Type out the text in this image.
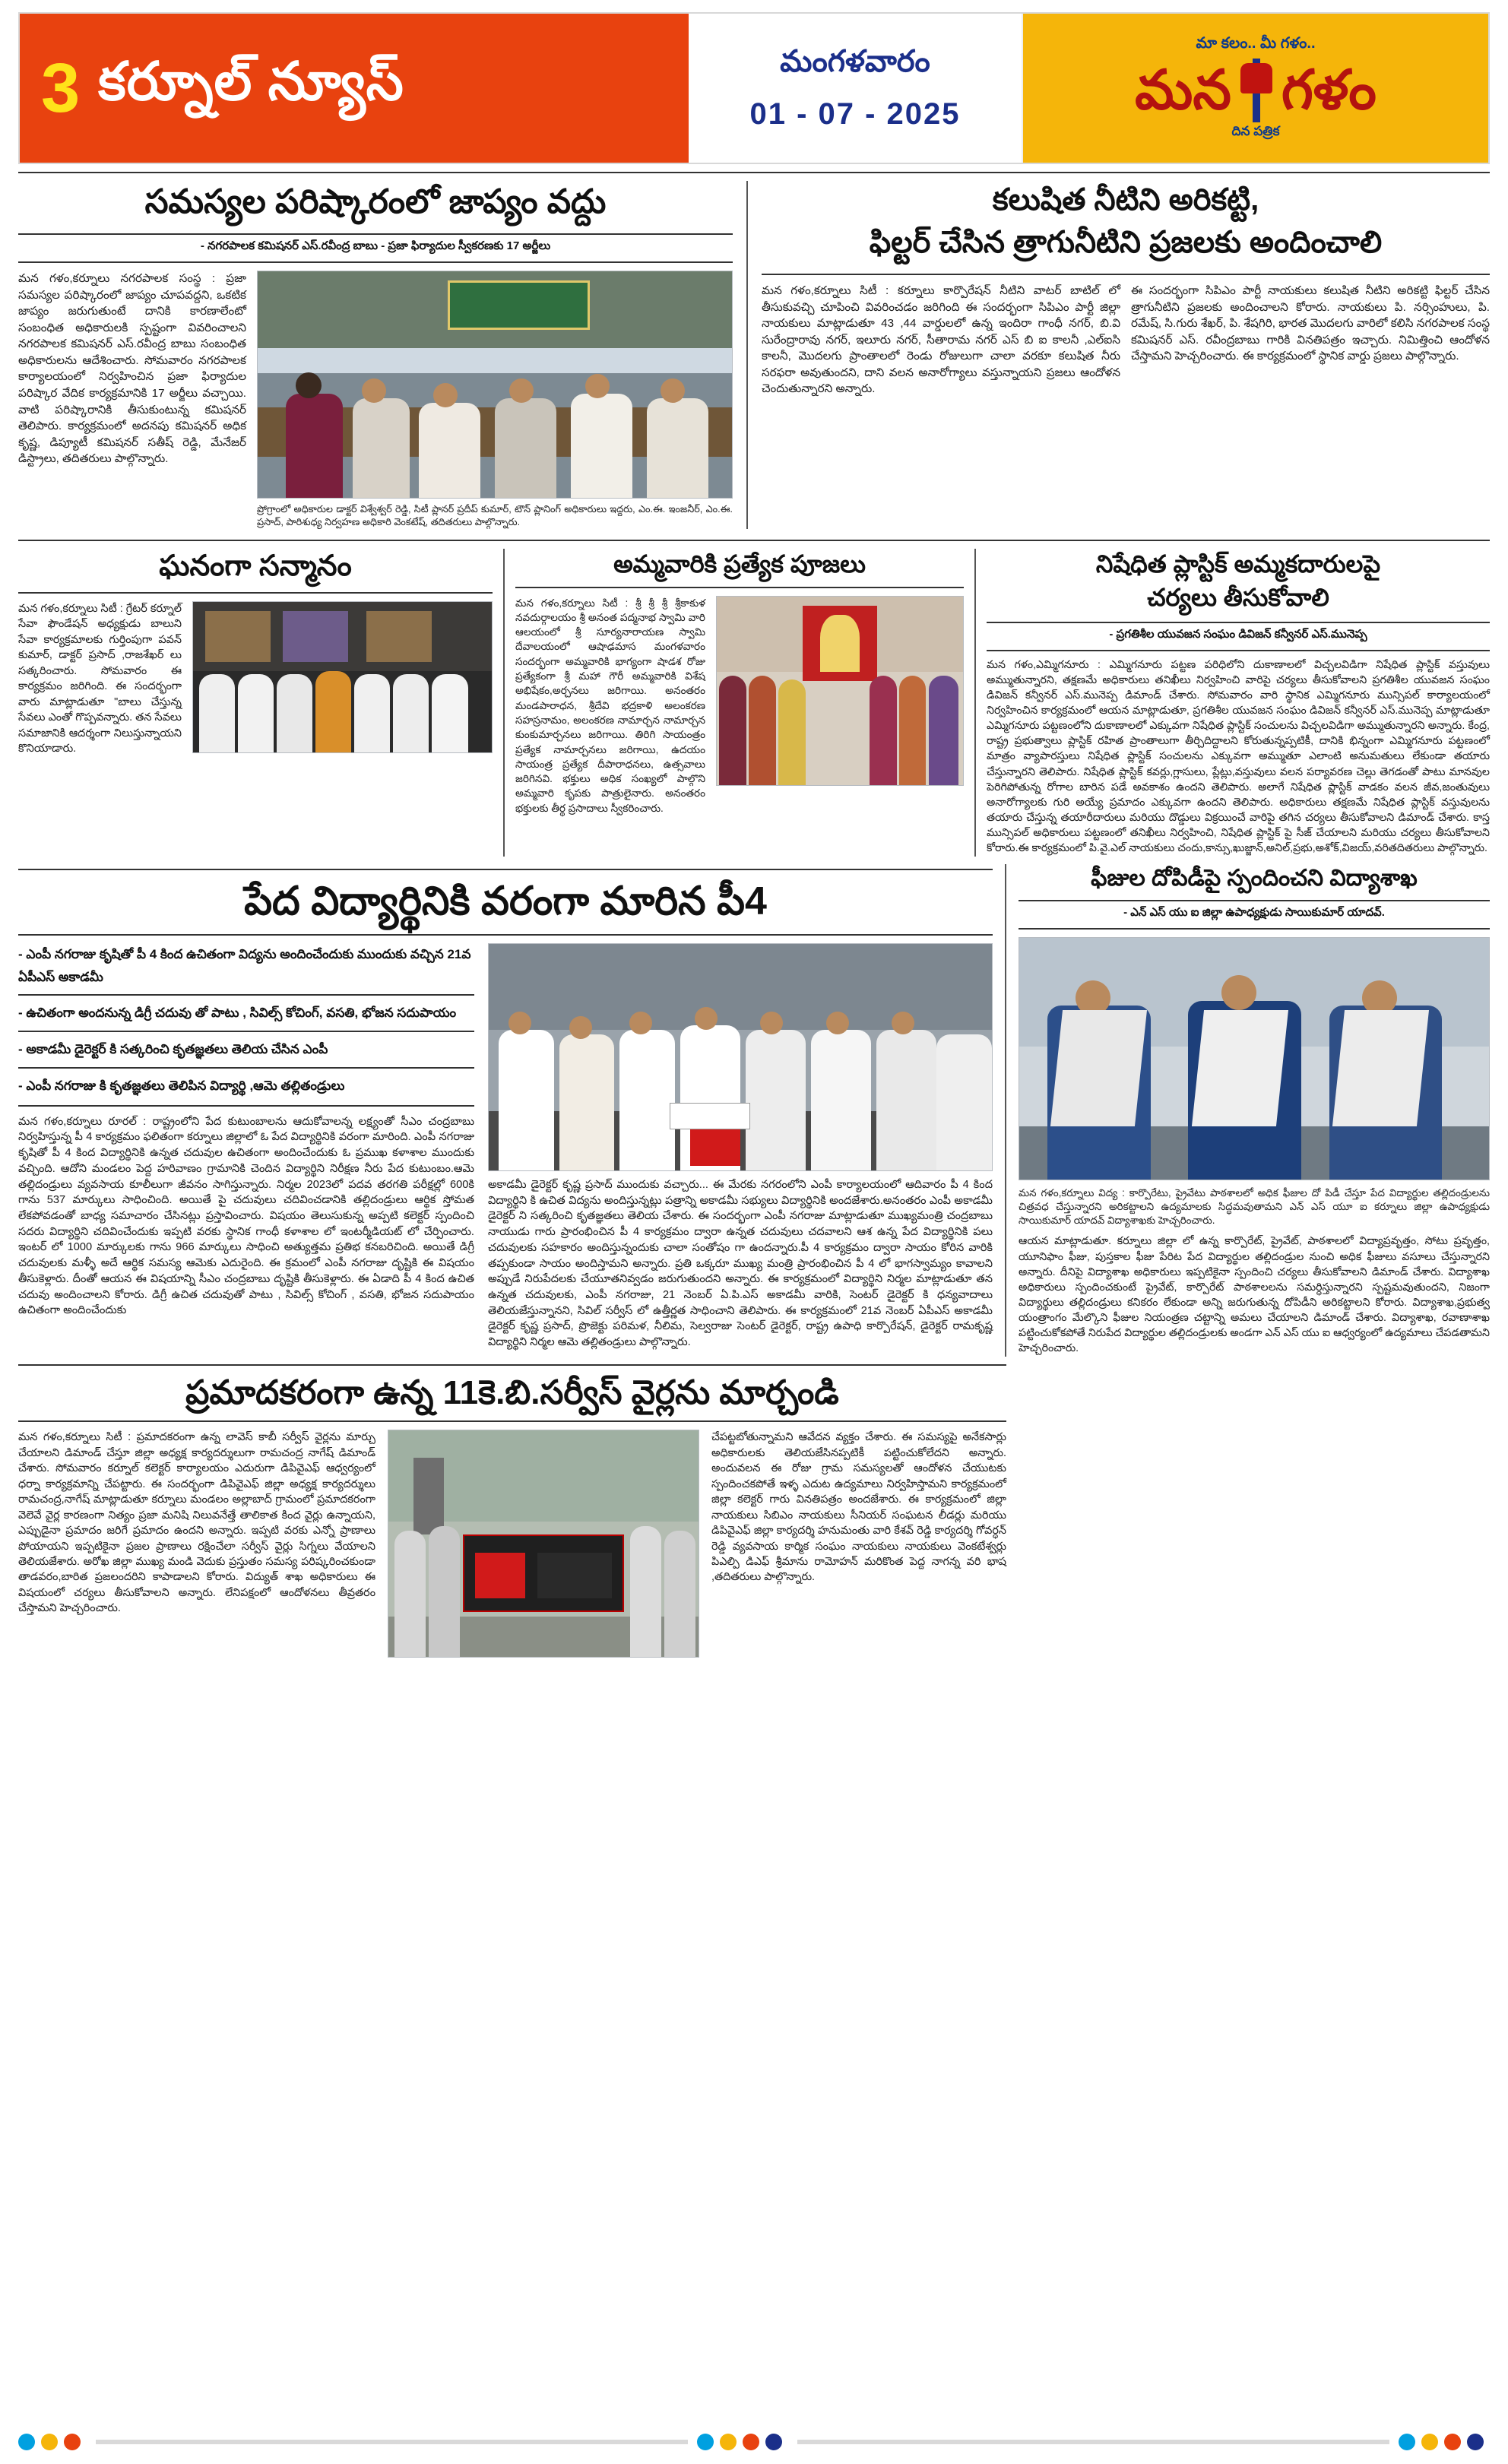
3 కర్నూల్ న్యూస్	మంగళవారం
01 - 07 - 2025
మా కలం.. మీ గళం..
మన గళం
దిన పత్రిక
సమస్యల పరిష్కారంలో జాప్యం వద్దు
- నగరపాలక కమిషనర్ ఎస్.రవీంద్ర బాబు - ప్రజా ఫిర్యాదుల స్వీకరణకు 17 అర్జీలు
మన గళం,కర్నూలు నగరపాలక సంస్థ : ప్రజా సమస్యల పరిష్కారంలో జాప్యం చూపవద్దని, ఒకటిక జాప్యం జరుగుతుంటే దానికి కారణాలేంటో సంబంధిత అధికారులకి స్పష్టంగా వివరించాలని నగరపాలక కమిషనర్ ఎస్.రవీంద్ర బాబు సంబంధిత అధికారులను ఆదేశించారు. సోమవారం నగరపాలక కార్యాలయంలో నిర్వహించిన ప్రజా ఫిర్యాదుల పరిష్కార వేదిక కార్యక్రమానికి 17 అర్జీలు వచ్చాయి. వాటి పరిష్కారానికి తీసుకుంటున్న కమిషనర్ తెలిపారు. కార్యక్రమంలో అదనపు కమిషనర్ అధిక కృష్ణ, డిప్యూటీ కమిషనర్ సతీష్ రెడ్డి, మేనేజర్ డిస్ట్రాలు, తదితరులు పాల్గొన్నారు.
ప్రోగ్రాంలో అధికారుల డాక్టర్ విశ్వేశ్వర్ రెడ్డి, సిటీ ప్లానర్ ప్రదీప్ కుమార్, టౌన్ ప్లానింగ్ అధికారులు ఇద్దరు, ఎం.ఈ. ఇంజనీర్, ఎం.ఈ. ప్రసాద్, పారిశుధ్య నిర్వహణ అధికారి వెంకటేష్, తదితరులు పాల్గొన్నారు.
కలుషిత నీటిని అరికట్టి,
ఫిల్టర్ చేసిన త్రాగునీటిని ప్రజలకు అందించాలి
మన గళం,కర్నూలు సిటీ : కర్నూలు కార్పొరేషన్ నీటిని వాటర్ బాటిల్ లో తీసుకువచ్చి చూపించి వివరించడం జరిగింది ఈ సందర్భంగా సిపిఎం పార్టీ జిల్లా నాయకులు మాట్లాడుతూ 43 ,44 వార్డులలో ఉన్న ఇందిరా గాంధీ నగర్, బి.వి సురేంద్రారావు నగర్, ఇలూరు నగర్, సీతారామ నగర్ ఎస్ బి ఐ కాలనీ ,ఎల్ఐసి కాలనీ, మొదలగు ప్రాంతాలలో రెండు రోజులుగా చాలా వరకూ కలుషిత నీరు సరఫరా అవుతుందని, దాని వలన అనారోగ్యాలు వస్తున్నాయని ప్రజలు ఆందోళన చెందుతున్నారని అన్నారు.
ఈ సందర్భంగా సిపిఎం పార్టీ నాయకులు కలుషిత నీటిని అరికట్టి ఫిల్టర్ చేసిన త్రాగునీటిని ప్రజలకు అందించాలని కోరారు. నాయకులు పి. నర్సింహులు, పి. రమేష్, సి.గురు శేఖర్, పి. శేషగిరి, భారత మెుదలగు వారిలో కలిసి నగరపాలక సంస్థ కమిషనర్ ఎస్. రవీంద్రబాబు గారికి వినతిపత్రం ఇచ్చారు. నిమిత్తించి ఆందోళన చేస్తామని హెచ్చరించారు. ఈ కార్యక్రమంలో స్థానిక వార్డు ప్రజలు పాల్గొన్నారు.
ఘనంగా సన్మానం
మన గళం,కర్నూలు సిటీ : గ్రేటర్ కర్నూల్ సేవా ఫౌండేషన్ అధ్యక్షుడు బాలుని సేవా కార్యక్రమాలకు గుర్తింపుగా పవన్ కుమార్, డాక్టర్ ప్రసాద్ ,రాజశేఖర్ లు సత్కరించారు. సోమవారం ఈ కార్యక్రమం జరిగింది. ఈ సందర్భంగా వారు మాట్లాడుతూ "బాలు చేస్తున్న సేవలు ఎంతో గొప్పవన్నారు. తన సేవలు సమాజానికి ఆదర్శంగా నిలుస్తున్నాయని కొనియాడారు.
అమ్మవారికి ప్రత్యేక పూజలు
మన గళం,కర్నూలు సిటీ : శ్రీ శ్రీ శ్రీ శ్రీకాకుళ నవదుర్గాలయం శ్రీ అనంత పద్మనాభ స్వామి వారి ఆలయంలో శ్రీ సూర్యనారాయణ స్వామి దేవాలయంలో ఆషాఢమాస మంగళవారం సందర్భంగా అమ్మవారికి భాగ్యంగా షాడశ రోజు ప్రత్యేకంగా శ్రీ మహా గౌరీ అమ్మవారికి విశేష అభిషేకం,అర్చనలు జరిగాయి. అనంతరం మండపారాధన, శ్రీదేవి భద్రకాళి అలంకరణ సహస్రనామం, అలంకరణ నామార్చన నామార్చన కుంకుమార్చనలు జరిగాయి. తిరిగి సాయంత్రం ప్రత్యేక నామార్చనలు జరిగాయి, ఉదయం సాయంత్ర ప్రత్యేక దీపారాధనలు, ఉత్సవాలు జరిగినవి. భక్తులు అధిక సంఖ్యలో పాల్గొని అమ్మవారి కృపకు పాత్రులైనారు. అనంతరం భక్తులకు తీర్థ ప్రసాదాలు స్వీకరించారు.
నిషేధిత ప్లాస్టిక్ అమ్మకదారులపై
చర్యలు తీసుకోవాలి
- ప్రగతిశీల యువజన సంఘం డివిజన్ కన్వీనర్ ఎస్.మునెప్ప
మన గళం,ఎమ్మిగనూరు : ఎమ్మిగనూరు పట్టణ పరిధిలోని దుకాణాలలో విచ్చలవిడిగా నిషేధిత ప్లాస్టిక్ వస్తువులు అమ్ముతున్నారని, తక్షణమే అధికారులు తనిఖీలు నిర్వహించి వారిపై చర్యలు తీసుకోవాలని ప్రగతిశీల యువజన సంఘం డివిజన్ కన్వీనర్ ఎస్.మునెప్ప డిమాండ్ చేశారు. సోమవారం వారి స్థానిక ఎమ్మిగనూరు మున్సిపల్ కార్యాలయంలో నిర్వహించిన కార్యక్రమంలో ఆయన మాట్లాడుతూ, ప్రగతిశీల యువజన సంఘం డివిజన్ కన్వీనర్ ఎస్.మునెప్ప మాట్లాడుతూ ఎమ్మిగనూరు పట్టణంలోని దుకాణాలలో ఎక్కువగా నిషేధిత ప్లాస్టిక్ సంచులను విచ్చలవిడిగా అమ్ముతున్నారని అన్నారు. కేంద్ర, రాష్ట్ర ప్రభుత్వాలు ప్లాస్టిక్ రహిత ప్రాంతాలుగా తీర్చిదిద్దాలని కోరుతున్నప్పటికీ, దానికి భిన్నంగా ఎమ్మిగనూరు పట్టణంలో మాత్రం వ్యాపారస్తులు నిషేధిత ప్లాస్టిక్ సంచులను ఎక్కువగా అమ్ముతూ ఎలాంటి అనుమతులు లేకుండా తయారు చేస్తున్నారని తెలిపారు. నిషేధిత ప్లాస్టిక్ కవర్లు,గ్లాసులు, ప్లేట్లు,వస్తువులు వలన పర్యావరణ చెల్లు తెగడంతో పాటు మానవుల పెరిగిపోతున్న రోగాల బారిన పడే అవకాశం ఉందని తెలిపారు. అలాగే నిషేధిత ప్లాస్టిక్ వాడకం వలన జీవ,జంతువులు అనారోగ్యాలకు గురి అయ్యే ప్రమాదం ఎక్కువగా ఉందని తెలిపారు. అధికారులు తక్షణమే నిషేధిత ప్లాస్టిక్ వస్తువులను తయారు చేస్తున్న తయారీదారులు మరియు దొడ్డులు విక్రయించే వారిపై తగిన చర్యలు తీసుకోవాలని డిమాండ్ చేశారు. కాస్త మున్సిపల్ అధికారులు పట్టణంలో తనిఖీలు నిర్వహించి, నిషేధిత ప్లాస్టిక్ పై సీజ్ చేయాలని మరియు చర్యలు తీసుకోవాలని కోరారు.ఈ కార్యక్రమంలో పి.వై.ఎల్ నాయకులు చందు,కాన్సు,ఖుజ్జాన్,అనిల్,ప్రభు,అశోక్,విజయ్,వరితదితరులు పాల్గొన్నారు.
పేద విద్యార్థినికి వరంగా మారిన పీ4
- ఎంపీ నగరాజు కృషితో పీ 4 కింద ఉచితంగా విద్యను అందించేందుకు ముందుకు వచ్చిన 21వ ఏపీఎస్ అకాడమీ
- ఉచితంగా అందనున్న డిగ్రీ చదువు తో పాటు , సివిల్స్ కోచింగ్, వసతి, భోజన సదుపాయం
- అకాడమీ డైరెక్టర్ కి సత్కరించి కృతజ్ఞతలు తెలియ చేసిన ఎంపీ
- ఎంపీ నగరాజు కి కృతజ్ఞతలు తెలిపిన విద్యార్థి ,ఆమె తల్లితండ్రులు
మన గళం,కర్నూలు రూరల్ : రాష్ట్రంలోని పేద కుటుంబాలను ఆదుకోవాలన్న లక్ష్యంతో సీఎం చంద్రబాబు నిర్వహిస్తున్న పీ 4 కార్యక్రమం ఫలితంగా కర్నూలు జిల్లాలో ఓ పేద విద్యార్థినికి వరంగా మారింది. ఎంపీ నగరాజు కృషితో పీ 4 కింద విద్యార్థినికి ఉన్నత చదువుల ఉచితంగా అందించేందుకు ఓ ప్రముఖ కళాశాల ముందుకు వచ్చింది. ఆదోని మండలం పెద్ద హరివాణం గ్రామానికి చెందిన విద్యార్థిని నిరీక్షణ నీరు పేద కుటుంబం.ఆమె తల్లిదండ్రులు వ్యవసాయ కూలీలుగా జీవనం సాగిస్తున్నారు. నిర్మల 2023లో పదవ తరగతి పరీక్షల్లో 600కి గాను 537 మార్కులు సాధించింది. అయితే పై చదువులు చదివించడానికి తల్లిదండ్రులు ఆర్థిక స్తోమత లేకపోవడంతో బాధ్య సమాచారం చేసినట్లు ప్రస్తావించారు. విషయం తెలుసుకున్న అప్పటి కలెక్టర్ స్పందించి సదరు విద్యార్థిని చదివించేందుకు ఇప్పటి వరకు స్థానిక గాంధీ కళాశాల లో ఇంటర్మీడియట్ లో చేర్పించారు. ఇంటర్ లో 1000 మార్కులకు గాను 966 మార్కులు సాధించి అత్యుత్తమ ప్రతిభ కనబరిచింది. అయితే డిగ్రీ చదువులకు మళ్ళీ అదే ఆర్థిక సమస్య ఆమెకు ఎదురైంది. ఈ క్రమంలో ఎంపీ నగరాజు దృష్టికి ఈ విషయం తీసుకెళ్లారు. దీంతో ఆయన ఈ విషయాన్ని సీఎం చంద్రబాబు దృష్టికి తీసుకెళ్లారు. ఈ ఏడాది పీ 4 కింద ఉచిత చదువు అందించాలని కోరారు. డిగ్రీ ఉచిత చదువుతో పాటు , సివిల్స్ కోచింగ్ , వసతి, భోజన సదుపాయం ఉచితంగా అందించేందుకు
అకాడమీ డైరెక్టర్ కృష్ణ ప్రసాద్ ముందుకు వచ్చారు... ఈ మేరకు నగరంలోని ఎంపీ కార్యాలయంలో ఆదివారం పీ 4 కింద విద్యార్థిని కి ఉచిత విద్యను అందిస్తున్నట్లు పత్రాన్ని అకాడమీ సభ్యులు విద్యార్థినికి అందజేశారు.అనంతరం ఎంపీ అకాడమీ డైరెక్టర్ ని సత్కరించి కృతజ్ఞతలు తెలియ చేశారు. ఈ సందర్భంగా ఎంపీ నగరాజు మాట్లాడుతూ ముఖ్యమంత్రి చంద్రబాబు నాయుడు గారు ప్రారంభించిన పీ 4 కార్యక్రమం ద్వారా ఉన్నత చదువులు చదవాలని ఆశ ఉన్న పేద విద్యార్థినికి పలు చదువులకు సహకారం అందిస్తున్నందుకు చాలా సంతోషం గా ఉందన్నారు.పీ 4 కార్యక్రమం ద్వారా సాయం కోరిన వారికి తప్పకుండా సాయం అందిస్తామని అన్నారు. ప్రతి ఒక్కరూ ముఖ్య మంత్రి ప్రారంభించిన పీ 4 లో భాగస్వామ్యం కావాలని అప్పుడే నిరుపేదలకు చేయూతనివ్వడం జరుగుతుందని అన్నారు. ఈ కార్యక్రమంలో విద్యార్థిని నిర్మల మాట్లాడుతూ తన ఉన్నత చదువులకు, ఎంపీ నగరాజు, 21 నెంబర్ ఏ.పి.ఎస్ అకాడమీ వారికి, సెంటర్ డైరెక్టర్ కి ధన్యవాదాలు తెలియజేస్తున్నానని, సివిల్ సర్వీస్ లో ఉత్తీర్ణత సాధించాని తెలిపారు. ఈ కార్యక్రమంలో 21వ నెంబర్ ఏపీఎస్ అకాడమీ డైరెక్టర్ కృష్ణ ప్రసాద్, ప్రొజెక్టు పరిమళ, నీలిమ, సెల్వరాజు సెంటర్ డైరెక్టర్, రాష్ట్ర ఉపాధి కార్పొరేషన్, డైరెక్టర్ రామకృష్ణ విద్యార్థిని నిర్మల ఆమె తల్లితండ్రులు పాల్గొన్నారు.
ఫీజుల దోపిడీపై స్పందించని విద్యాశాఖ
- ఎన్ ఎస్ యు ఐ జిల్లా ఉపాధ్యక్షుడు సాయికుమార్ యాదవ్.
మన గళం,కర్నూలు విద్య : కార్పొరేటు, ప్రైవేటు పాఠశాలలో అధిక ఫీజుల దో పిడీ చేస్తూ పేద విద్యార్థుల తల్లిదండ్రులను చిత్రవధ చేస్తున్నారని అరికట్టాలని ఉద్యమాలకు సిద్ధమవుతామని ఎన్ ఎస్ యూ ఐ కర్నూలు జిల్లా ఉపాధ్యక్షుడు సాయికుమార్ యాదవ్ విద్యాశాఖకు హెచ్చరించారు.
ఆయన మాట్లాడుతూ. కర్నూలు జిల్లా లో ఉన్న కార్పొరేట్, ప్రైవేట్, పాఠశాలలో విద్యాప్రవృత్తం, సోటు ప్రవృత్తం, యూనిఫాం ఫీజు, పుస్తకాల ఫీజు పేరిట పేద విద్యార్థుల తల్లిదండ్రుల నుంచి అధిక ఫీజులు వసూలు చేస్తున్నారని అన్నారు. దీనిపై విద్యాశాఖ అధికారులు ఇప్పటికైనా స్పందించి చర్యలు తీసుకోవాలని డిమాండ్ చేశారు. విద్యాశాఖ అధికారులు స్పందించకుంటే ప్రైవేట్, కార్పొరేట్ పాఠశాలలను సమర్ధిస్తున్నారని స్పష్టమవుతుందని, నిజంగా విద్యార్థులు తల్లిదండ్రులు కనికరం లేకుండా అన్ని జరుగుతున్న దోపిడీని అరికట్టాలని కోరారు. విద్యాశాఖ,ప్రభుత్వ యంత్రాంగం మేల్కొని ఫీజుల నియంత్రణ చట్టాన్ని అమలు చేయాలని డిమాండ్ చేశారు. విద్యాశాఖ, రవాణాశాఖ పట్టించుకోకపోతే నిరుపేద విద్యార్థుల తల్లిదండ్రులకు అండగా ఎన్ ఎస్ యు ఐ ఆధ్వర్యంలో ఉద్యమాలు చేపడతామని హెచ్చరించారు.
ప్రమాదకరంగా ఉన్న 11కె.బి.సర్వీస్ వైర్లను మార్చండి
మన గళం,కర్నూలు సిటీ : ప్రమాదకరంగా ఉన్న లావెస్ కాబీ సర్వీస్ వైర్లను మార్చు చేయాలని డిమాండ్ చేస్తూ జిల్లా అధ్యక్ష కార్యదర్శులుగా రామచంద్ర నాగేష్ డిమాండ్ చేశారు. సోమవారం కర్నూల్ కలెక్టర్ కార్యాలయం ఎదురుగా డిపివైఎఫ్ ఆధ్వర్యంలో ధర్నా కార్యక్రమాన్ని చేపట్టారు. ఈ సందర్భంగా డిపివైఎఫ్ జిల్లా అధ్యక్ష కార్యదర్శులు రామచంద్ర,నాగేష్ మాట్లాడుతూ కర్నూలు మండలం అల్లాబాద్ గ్రామంలో ప్రమాదకరంగా వెలెవే వైర్ల కారణంగా నిత్యం ప్రజా మనిషి నిలువనేత్తే తాలికాత కింద వైర్లు ఉన్నాయని, ఎప్పుడైనా ప్రమాదం జరిగే ప్రమాదం ఉందని అన్నారు. ఇప్పటి వరకు ఎన్నో ప్రాణాలు పోయాయని ఇప్పటికైనా ప్రజల ప్రాణాలు రక్షించేలా సర్వీస్ వైర్లు సిగ్నలు వేయాలని తెలియజేశారు. అరోఖ జిల్లా ముఖ్య మండి వెదుకు ప్రస్తుతం సమస్య పరిష్కరించకుండా తాడవరం,బారిత ప్రజలందరిని కాపాడాలని కోరారు. విద్యుత్ శాఖ అధికారులు ఈ విషయంలో చర్యలు తీసుకోవాలని అన్నారు. లేనిపక్షంలో ఆందోళనలు తీవ్రతరం చేస్తామని హెచ్చరించారు.
చేపట్టబోతున్నామని ఆవేదన వ్యక్తం చేశారు. ఈ సమస్యపై అనేకసార్లు అధికారులకు తెలియజేసినప్పటికీ పట్టించుకోలేదని అన్నారు. అందువలన ఈ రోజు గ్రామ సమస్యలతో ఆందోళన చేయుటకు స్పందించకపోతే ఇళ్ళ ఎదుట ఉద్యమాలు నిర్వహిస్తామని కార్యక్రమంలో జిల్లా కలెక్టర్ గారు వినతిపత్రం అందజేశారు. ఈ కార్యక్రమంలో జిల్లా నాయకులు సిబిఎం నాయకులు సీనియర్ సంఘటన లీడర్లు మరియు డిపివైఎఫ్ జిల్లా కార్యదర్శి హనుమంతు వారి కేశవ్ రెడ్డి కార్యదర్శి గోవర్ధన్ రెడ్డి వ్యవసాయ కార్మిక సంఘం నాయకులు నాయకులు వెంకటేశ్వర్లు పిఎల్పి డిఎఫ్ శ్రీమాను రామోహన్ మరికొంత పెద్ద నాగన్న వరి భాష ,తదితరులు పాల్గొన్నారు.
